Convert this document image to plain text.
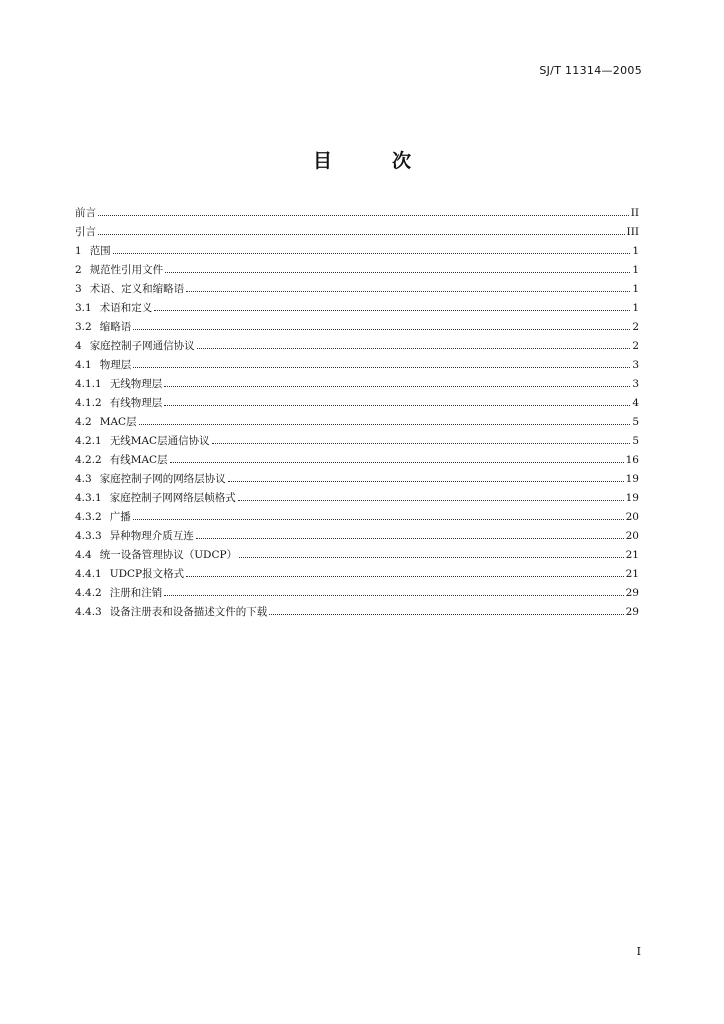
SJ/T 11314—2005
目次
前言	II
引言	III
1 范围	1
2 规范性引用文件	1
3 术语、定义和缩略语	1
3.1 术语和定义	1
3.2 缩略语	2
4 家庭控制子网通信协议	2
4.1 物理层	3
4.1.1 无线物理层	3
4.1.2 有线物理层	4
4.2 MAC层	5
4.2.1 无线MAC层通信协议	5
4.2.2 有线MAC层	16
4.3 家庭控制子网的网络层协议	19
4.3.1 家庭控制子网网络层帧格式	19
4.3.2 广播	20
4.3.3 异种物理介质互连	20
4.4 统一设备管理协议（UDCP）	21
4.4.1 UDCP报文格式	21
4.4.2 注册和注销	29
4.4.3 设备注册表和设备描述文件的下载	29
I
